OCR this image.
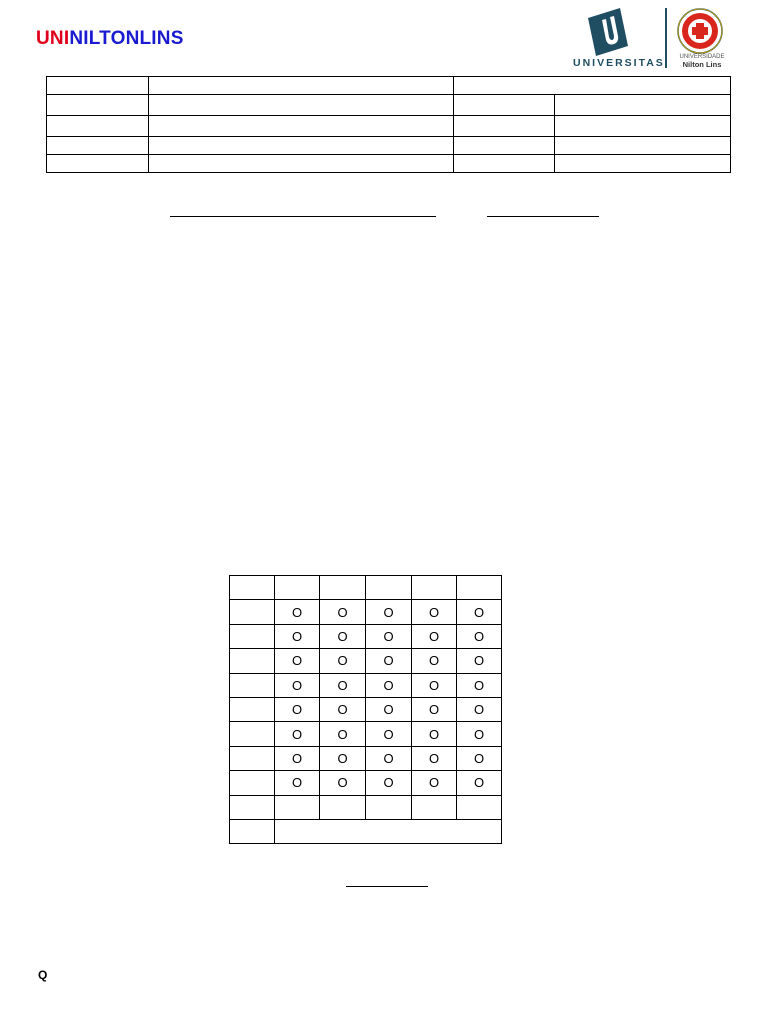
UNINILTONLINS
UNIVERSITAS	UNIVERSIDADE
Nilton Lins

	O	O	O	O	O
	O	O	O	O	O
	O	O	O	O	O
	O	O	O	O	O
	O	O	O	O	O
	O	O	O	O	O
	O	O	O	O	O
	O	O	O	O	O

Q
